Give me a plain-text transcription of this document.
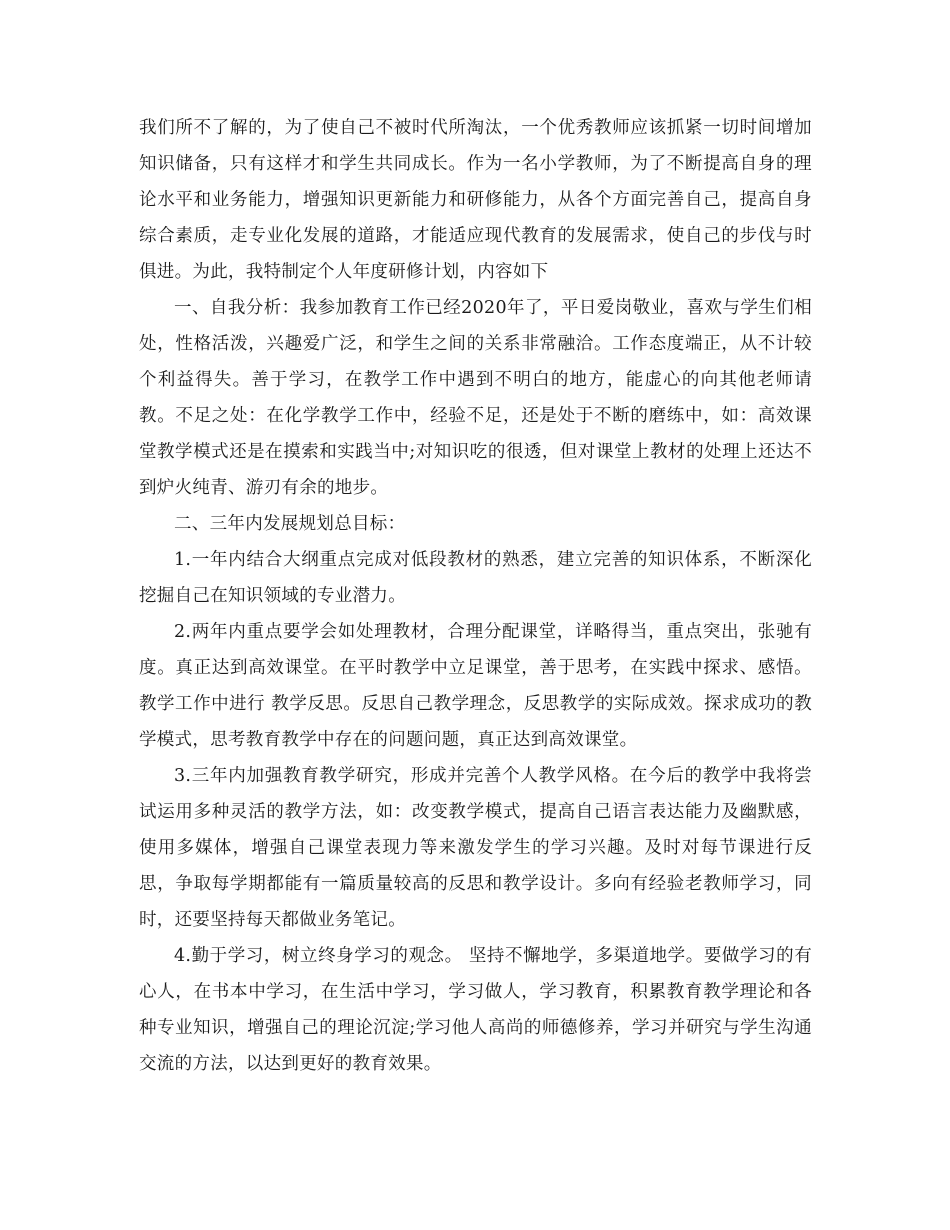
我们所不了解的，为了使自己不被时代所淘汰，一个优秀教师应该抓紧一切时间增加知识储备，只有这样才和学生共同成长。作为一名小学教师，为了不断提高自身的理论水平和业务能力，增强知识更新能力和研修能力，从各个方面完善自己，提高自身综合素质，走专业化发展的道路，才能适应现代教育的发展需求，使自己的步伐与时俱进。为此，我特制定个人年度研修计划，内容如下

一、自我分析：我参加教育工作已经2020年了，平日爱岗敬业，喜欢与学生们相处，性格活泼，兴趣爱广泛，和学生之间的关系非常融洽。工作态度端正，从不计较个利益得失。善于学习，在教学工作中遇到不明白的地方，能虚心的向其他老师请教。不足之处：在化学教学工作中，经验不足，还是处于不断的磨练中，如：高效课堂教学模式还是在摸索和实践当中;对知识吃的很透，但对课堂上教材的处理上还达不到炉火纯青、游刃有余的地步。

二、三年内发展规划总目标：

1.一年内结合大纲重点完成对低段教材的熟悉，建立完善的知识体系，不断深化挖掘自己在知识领域的专业潜力。

2.两年内重点要学会如处理教材，合理分配课堂，详略得当，重点突出，张驰有度。真正达到高效课堂。在平时教学中立足课堂，善于思考，在实践中探求、感悟。教学工作中进行 教学反思。反思自己教学理念，反思教学的实际成效。探求成功的教学模式，思考教育教学中存在的问题问题，真正达到高效课堂。

3.三年内加强教育教学研究，形成并完善个人教学风格。在今后的教学中我将尝试运用多种灵活的教学方法，如：改变教学模式，提高自己语言表达能力及幽默感，使用多媒体，增强自己课堂表现力等来激发学生的学习兴趣。及时对每节课进行反思，争取每学期都能有一篇质量较高的反思和教学设计。多向有经验老教师学习，同时，还要坚持每天都做业务笔记。

4.勤于学习，树立终身学习的观念。 坚持不懈地学，多渠道地学。要做学习的有心人，在书本中学习，在生活中学习，学习做人，学习教育，积累教育教学理论和各种专业知识，增强自己的理论沉淀;学习他人高尚的师德修养，学习并研究与学生沟通交流的方法，以达到更好的教育效果。
